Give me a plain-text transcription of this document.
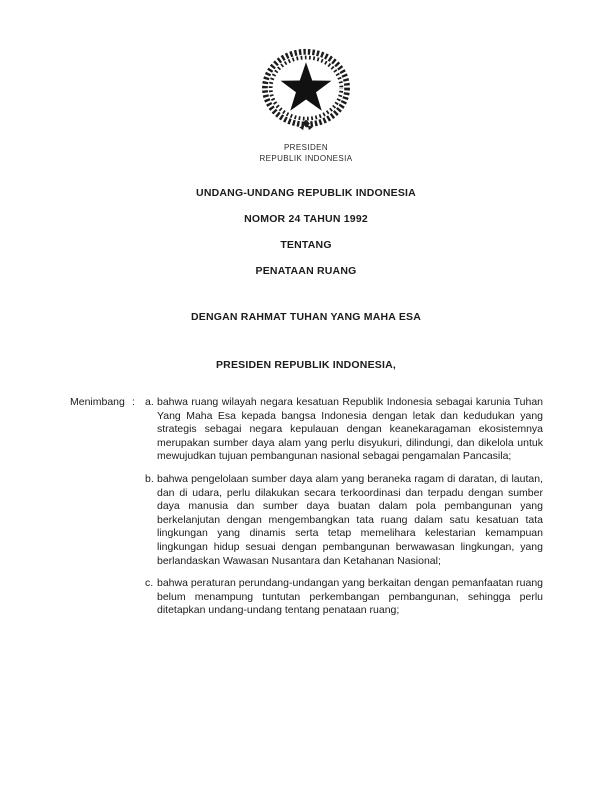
PRESIDEN
REPUBLIK INDONESIA
UNDANG-UNDANG REPUBLIK INDONESIA
NOMOR 24 TAHUN 1992
TENTANG
PENATAAN RUANG
DENGAN RAHMAT TUHAN YANG MAHA ESA
PRESIDEN REPUBLIK INDONESIA,
Menimbang : a. bahwa ruang wilayah negara kesatuan Republik Indonesia sebagai karunia Tuhan Yang Maha Esa kepada bangsa Indonesia dengan letak dan kedudukan yang strategis sebagai negara kepulauan dengan keanekaragaman ekosistemnya merupakan sumber daya alam yang perlu disyukuri, dilindungi, dan dikelola untuk mewujudkan tujuan pembangunan nasional sebagai pengamalan Pancasila;
b. bahwa pengelolaan sumber daya alam yang beraneka ragam di daratan, di lautan, dan di udara, perlu dilakukan secara terkoordinasi dan terpadu dengan sumber daya manusia dan sumber daya buatan dalam pola pembangunan yang berkelanjutan dengan mengembangkan tata ruang dalam satu kesatuan tata lingkungan yang dinamis serta tetap memelihara kelestarian kemampuan lingkungan hidup sesuai dengan pembangunan berwawasan lingkungan, yang berlandaskan Wawasan Nusantara dan Ketahanan Nasional;
c. bahwa peraturan perundang-undangan yang berkaitan dengan pemanfaatan ruang belum menampung tuntutan perkembangan pembangunan, sehingga perlu ditetapkan undang-undang tentang penataan ruang;
